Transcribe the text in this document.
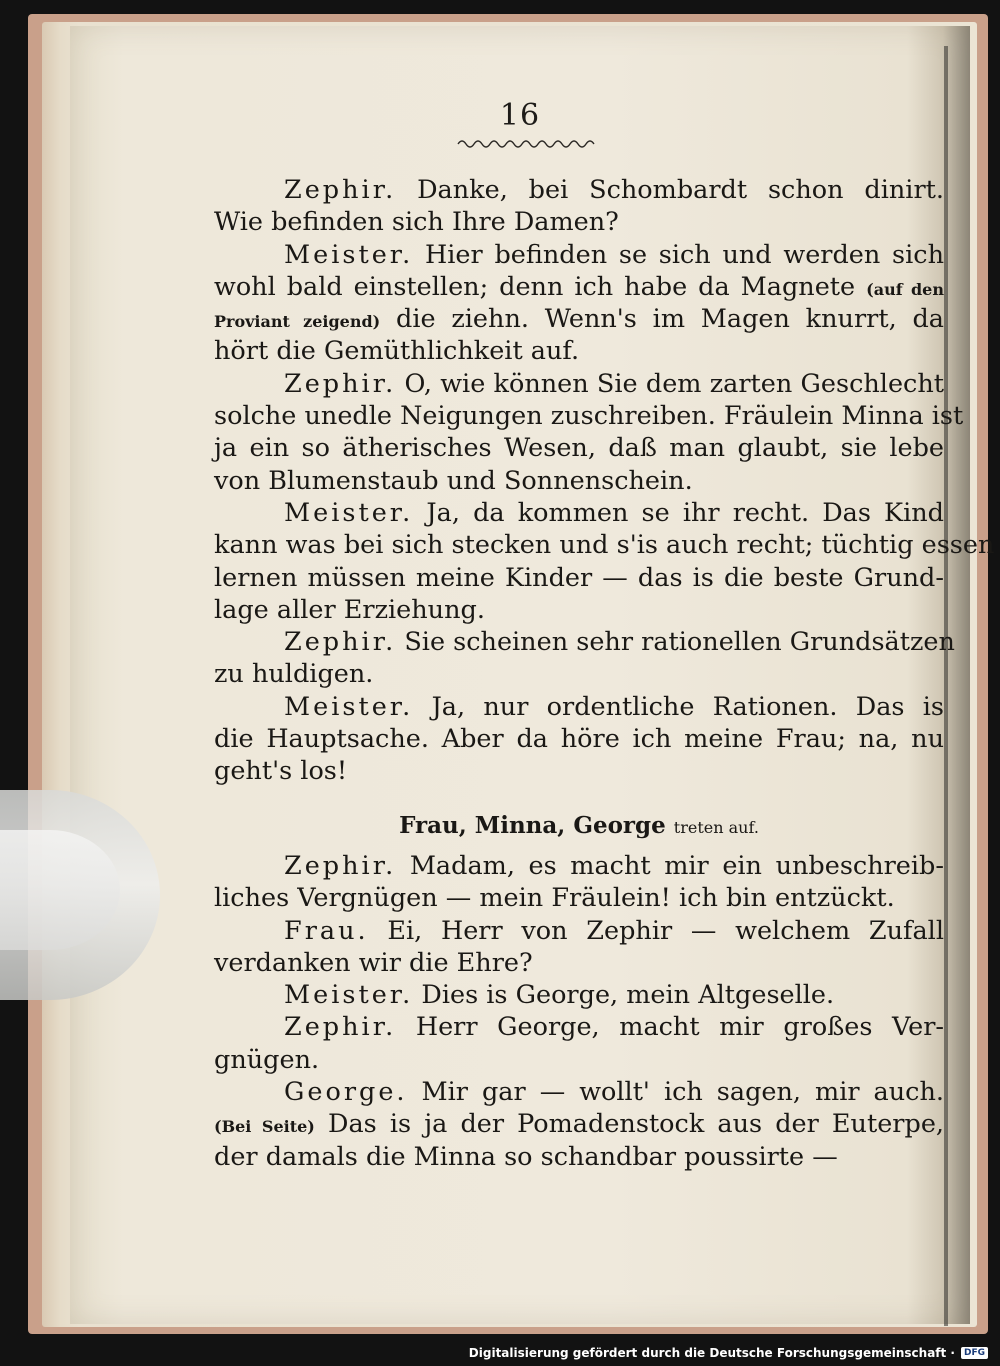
16
Zephir. Danke, bei Schombardt schon dinirt.
Wie befinden sich Ihre Damen?
Meister. Hier befinden se sich und werden sich
wohl bald einstellen; denn ich habe da Magnete (auf den
Proviant zeigend) die ziehn. Wenn's im Magen knurrt, da
hört die Gemüthlichkeit auf.
Zephir. O, wie können Sie dem zarten Geschlecht
solche unedle Neigungen zuschreiben. Fräulein Minna ist
ja ein so ätherisches Wesen, daß man glaubt, sie lebe
von Blumenstaub und Sonnenschein.
Meister. Ja, da kommen se ihr recht. Das Kind
kann was bei sich stecken und s'is auch recht; tüchtig essen
lernen müssen meine Kinder — das is die beste Grund-
lage aller Erziehung.
Zephir. Sie scheinen sehr rationellen Grundsätzen
zu huldigen.
Meister. Ja, nur ordentliche Rationen. Das is
die Hauptsache. Aber da höre ich meine Frau; na, nu
geht's los!
Frau, Minna, George treten auf.
Zephir. Madam, es macht mir ein unbeschreib-
liches Vergnügen — mein Fräulein! ich bin entzückt.
Frau. Ei, Herr von Zephir — welchem Zufall
verdanken wir die Ehre?
Meister. Dies is George, mein Altgeselle.
Zephir. Herr George, macht mir großes Ver-
gnügen.
George. Mir gar — wollt' ich sagen, mir auch.
(Bei Seite) Das is ja der Pomadenstock aus der Euterpe,
der damals die Minna so schandbar poussirte —
Digitalisierung gefördert durch die Deutsche Forschungsgemeinschaft ·	DFG
